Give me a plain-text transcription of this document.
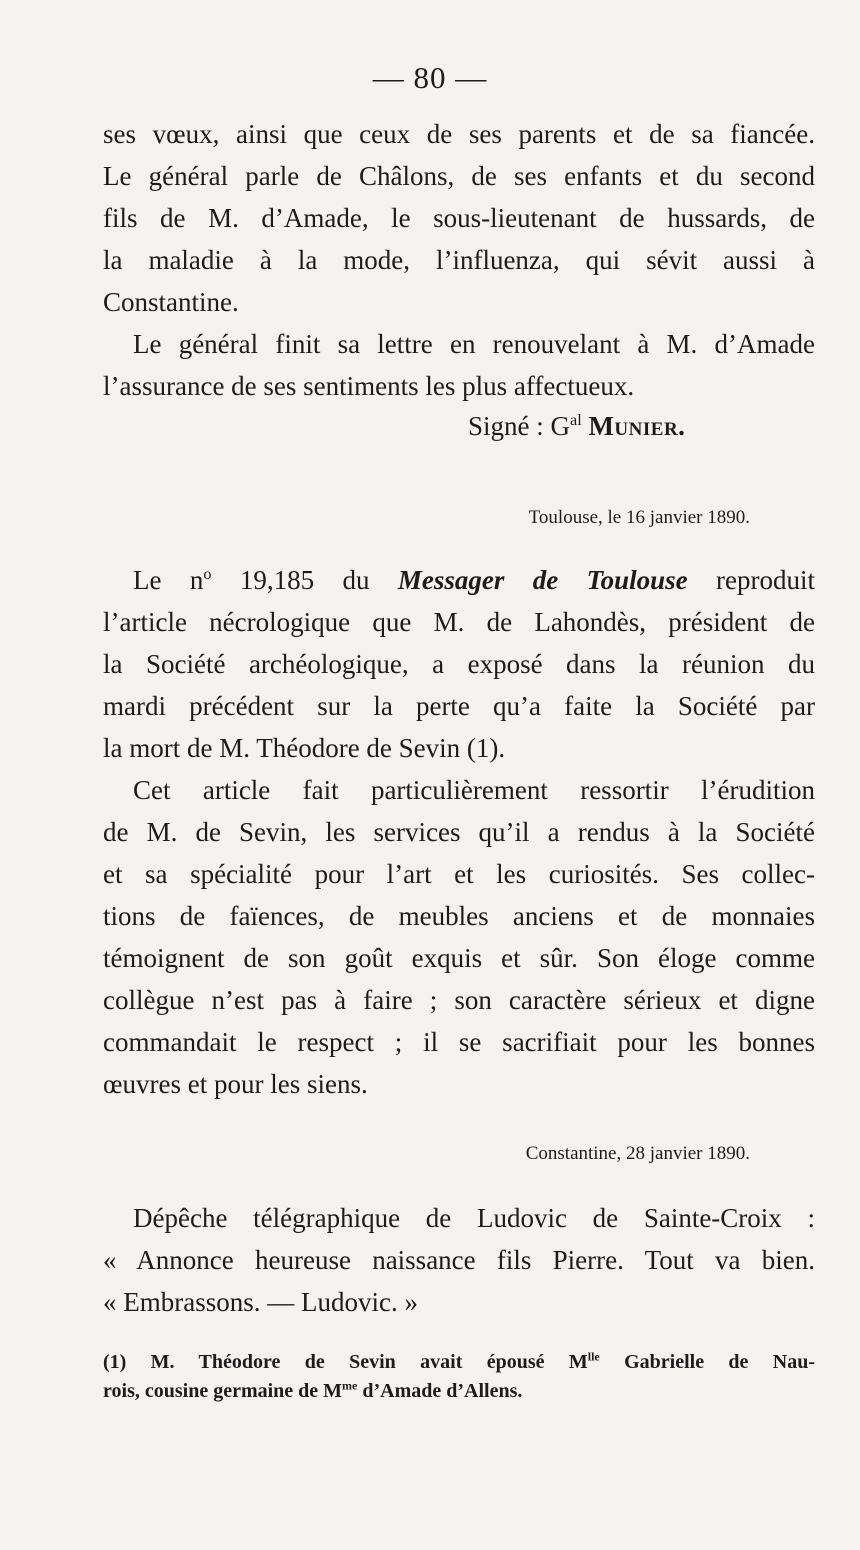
— 80 —

ses vœux, ainsi que ceux de ses parents et de sa fiancée.

Le général parle de Châlons, de ses enfants et du second

fils de M. d’Amade, le sous-lieutenant de hussards, de

la maladie à la mode, l’influenza, qui sévit aussi à

Constantine.

Le général finit sa lettre en renouvelant à M. d’Amade

l’assurance de ses sentiments les plus affectueux.

Signé : $G^{al}$ Munier.
Toulouse, le 16 janvier 1890.

Le $n^o$ 19,185 du Messager de Toulouse reproduit

l’article nécrologique que M. de Lahondès, président de

la Société archéologique, a exposé dans la réunion du

mardi précédent sur la perte qu’a faite la Société par

la mort de M. Théodore de Sevin (1).

Cet article fait particulièrement ressortir l’érudition

de M. de Sevin, les services qu’il a rendus à la Société

et sa spécialité pour l’art et les curiosités. Ses collec-

tions de faïences, de meubles anciens et de monnaies

témoignent de son goût exquis et sûr. Son éloge comme

collègue n’est pas à faire ; son caractère sérieux et digne

commandait le respect ; il se sacrifiait pour les bonnes

œuvres et pour les siens.

Constantine, 28 janvier 1890.

Dépêche télégraphique de Ludovic de Sainte-Croix :

« Annonce heureuse naissance fils Pierre. Tout va bien.

« Embrassons. — Ludovic. »

(1) M. Théodore de Sevin avait épousé $M^{lle}$ Gabrielle de Nau-

rois, cousine germaine de $M^{me}$ d’Amade d’Allens.
